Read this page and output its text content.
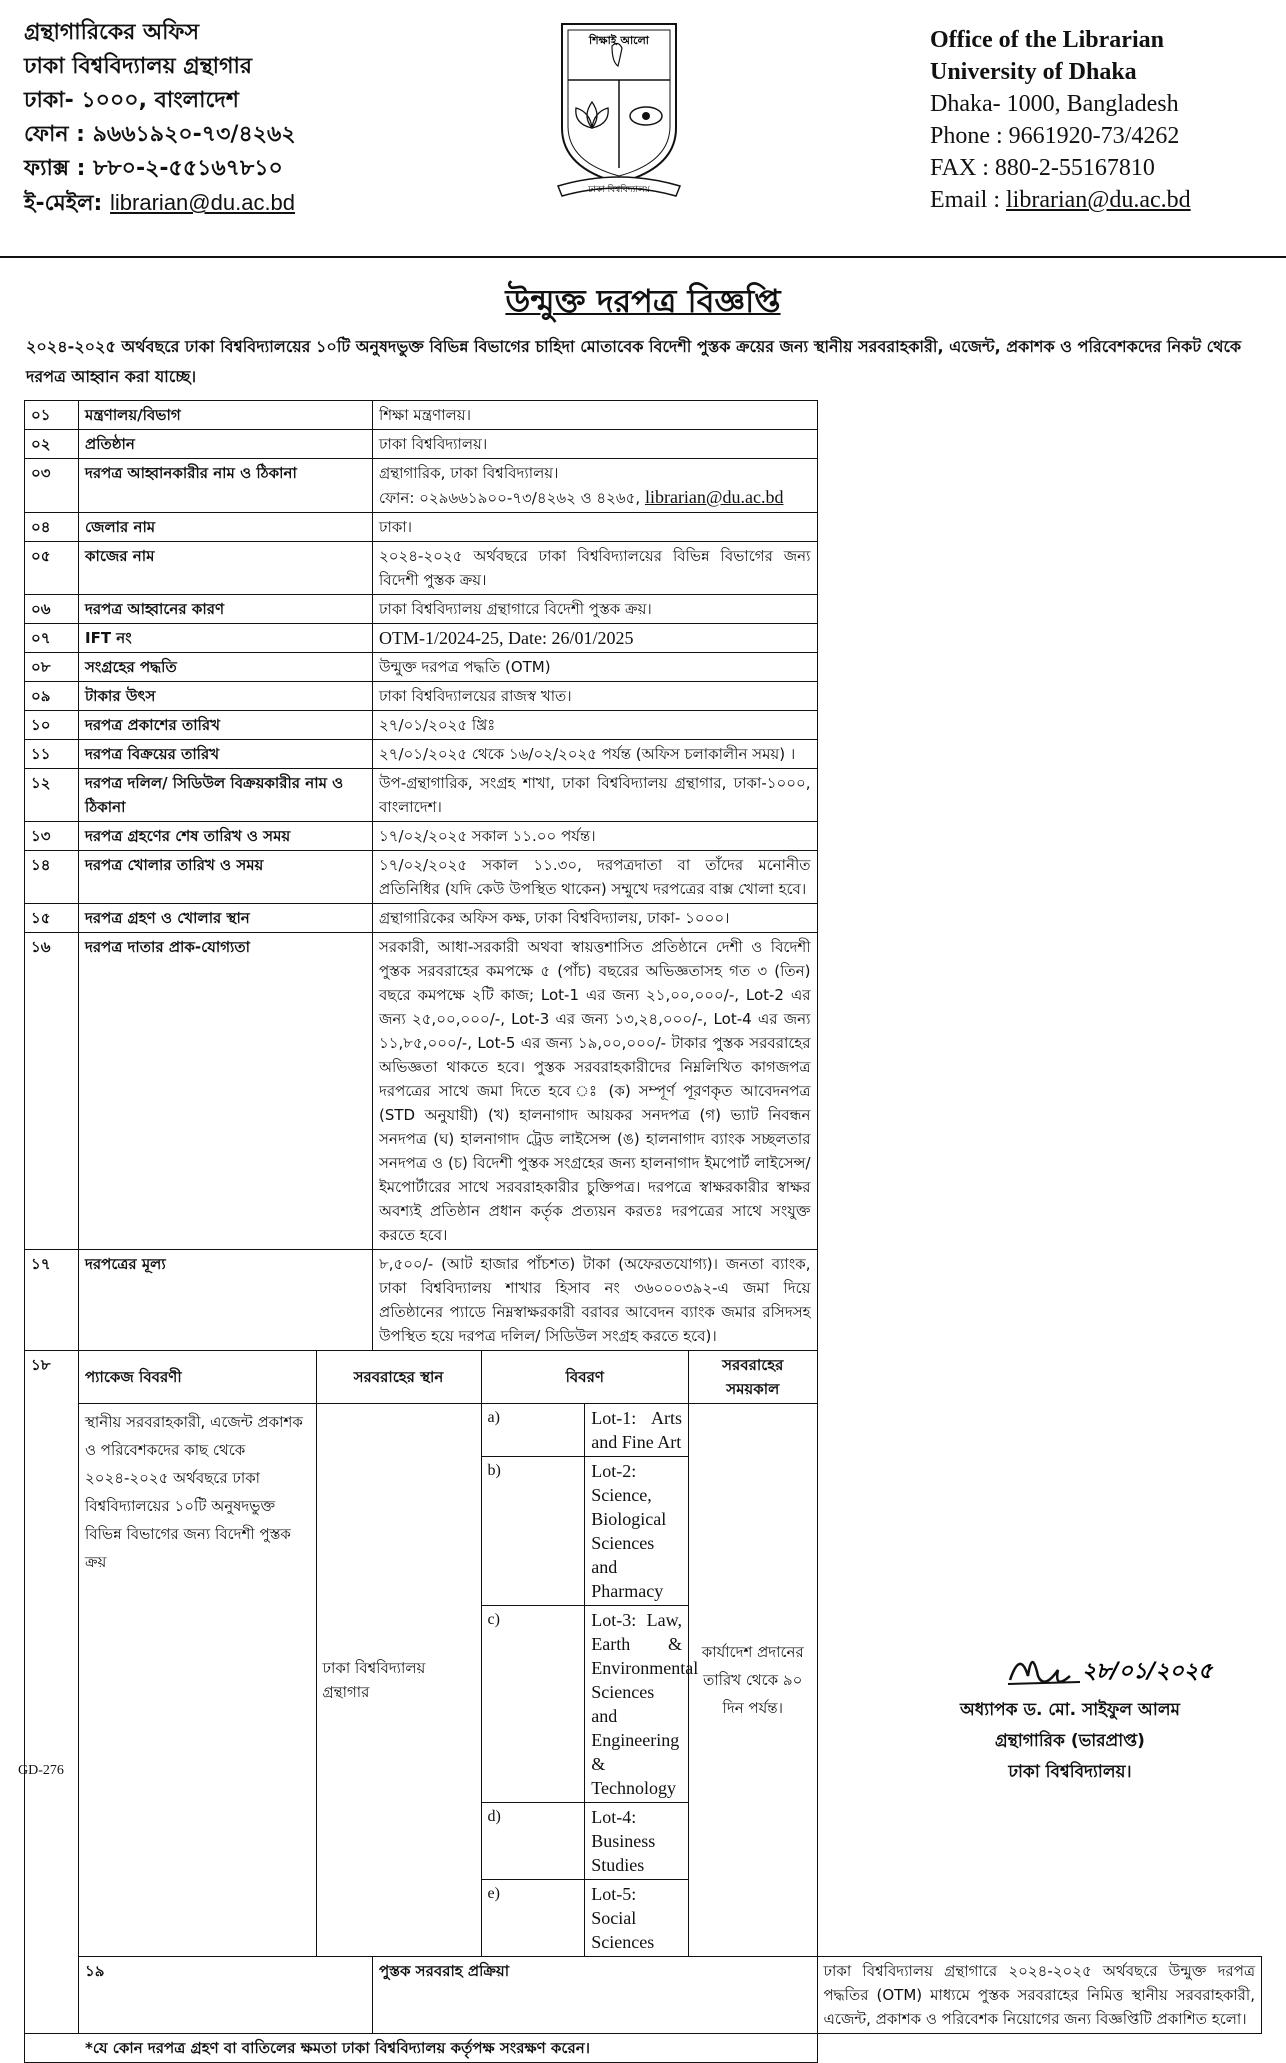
গ্রন্থাগারিকের অফিস
ঢাকা বিশ্ববিদ্যালয় গ্রন্থাগার
ঢাকা- ১০০০, বাংলাদেশ
ফোন : ৯৬৬১৯২০-৭৩/৪২৬২
ফ্যাক্স : ৮৮০-২-৫৫১৬৭৮১০
ই-মেইল: librarian@du.ac.bd
শিক্ষাই আলো
ঢাকা বিশ্ববিদ্যালয়
Office of the Librarian
University of Dhaka
Dhaka- 1000, Bangladesh
Phone : 9661920-73/4262
FAX : 880-2-55167810
Email : librarian@du.ac.bd
উন্মুক্ত দরপত্র বিজ্ঞপ্তি
২০২৪-২০২৫ অর্থবছরে ঢাকা বিশ্ববিদ্যালয়ের ১০টি অনুষদভুক্ত বিভিন্ন বিভাগের চাহিদা মোতাবেক বিদেশী পুস্তক ক্রয়ের জন্য স্থানীয় সরবরাহকারী, এজেন্ট, প্রকাশক ও পরিবেশকদের নিকট থেকে দরপত্র আহ্বান করা যাচ্ছে।
০১	মন্ত্রণালয়/বিভাগ	শিক্ষা মন্ত্রণালয়।

০২	প্রতিষ্ঠান	ঢাকা বিশ্ববিদ্যালয়।

০৩	দরপত্র আহ্বানকারীর নাম ও ঠিকানা	গ্রন্থাগারিক, ঢাকা বিশ্ববিদ্যালয়।
ফোন: ০২৯৬৬১৯০০-৭৩/৪২৬২ ও ৪২৬৫, librarian@du.ac.bd

০৪	জেলার নাম	ঢাকা।

০৫	কাজের নাম	২০২৪-২০২৫ অর্থবছরে ঢাকা বিশ্ববিদ্যালয়ের বিভিন্ন বিভাগের জন্য বিদেশী পুস্তক ক্রয়।

০৬	দরপত্র আহ্বানের কারণ	ঢাকা বিশ্ববিদ্যালয় গ্রন্থাগারে বিদেশী পুস্তক ক্রয়।

০৭	IFT নং	OTM-1/2024-25, Date: 26/01/2025

০৮	সংগ্রহের পদ্ধতি	উন্মুক্ত দরপত্র পদ্ধতি (OTM)

০৯	টাকার উৎস	ঢাকা বিশ্ববিদ্যালয়ের রাজস্ব খাত।

১০	দরপত্র প্রকাশের তারিখ	২৭/০১/২০২৫ খ্রিঃ

১১	দরপত্র বিক্রয়ের তারিখ	২৭/০১/২০২৫ থেকে ১৬/০২/২০২৫ পর্যন্ত (অফিস চলাকালীন সময়) ।

১২	দরপত্র দলিল/ সিডিউল বিক্রয়কারীর নাম ও ঠিকানা	
উপ-গ্রন্থাগারিক, সংগ্রহ শাখা, ঢাকা বিশ্ববিদ্যালয় গ্রন্থাগার, ঢাকা-১০০০, বাংলাদেশ।

১৩	দরপত্র গ্রহণের শেষ তারিখ ও সময়	১৭/০২/২০২৫ সকাল ১১.০০ পর্যন্ত।

১৪	দরপত্র খোলার তারিখ ও সময়	১৭/০২/২০২৫ সকাল ১১.৩০, দরপত্রদাতা বা তাঁদের মনোনীত প্রতিনিধির (যদি কেউ উপস্থিত থাকেন) সম্মুখে দরপত্রের বাক্স খোলা হবে।

১৫	দরপত্র গ্রহণ ও খোলার স্থান	গ্রন্থাগারিকের অফিস কক্ষ, ঢাকা বিশ্ববিদ্যালয়, ঢাকা- ১০০০।

১৬	দরপত্র দাতার প্রাক-যোগ্যতা	সরকারী, আধা-সরকারী অথবা স্বায়ত্তশাসিত প্রতিষ্ঠানে দেশী ও বিদেশী পুস্তক সরবরাহের কমপক্ষে ৫ (পাঁচ) বছরের অভিজ্ঞতাসহ গত ৩ (তিন) বছরে কমপক্ষে ২টি কাজ; Lot-1 এর জন্য ২১,০০,০০০/-, Lot-2 এর জন্য ২৫,০০,০০০/-, Lot-3 এর জন্য ১৩,২৪,০০০/-, Lot-4 এর জন্য ১১,৮৫,০০০/-, Lot-5 এর জন্য ১৯,০০,০০০/- টাকার পুস্তক সরবরাহের অভিজ্ঞতা থাকতে হবে। পুস্তক সরবরাহকারীদের নিম্নলিখিত কাগজপত্র দরপত্রের সাথে জমা দিতে হবে ঃ (ক) সম্পূর্ণ পূরণকৃত আবেদনপত্র (STD অনুযায়ী) (খ) হালনাগাদ আয়কর সনদপত্র (গ) ভ্যাট নিবন্ধন সনদপত্র (ঘ) হালনাগাদ ট্রেড লাইসেন্স (ঙ) হালনাগাদ ব্যাংক সচ্ছলতার সনদপত্র ও (চ) বিদেশী পুস্তক সংগ্রহের জন্য হালনাগাদ ইমপোর্ট লাইসেন্স/ইমপোর্টারের সাথে সরবরাহকারীর চুক্তিপত্র। দরপত্রে স্বাক্ষরকারীর স্বাক্ষর অবশ্যই প্রতিষ্ঠান প্রধান কর্তৃক প্রত্যয়ন করতঃ দরপত্রের সাথে সংযুক্ত করতে হবে।

১৭	দরপত্রের মূল্য	৮,৫০০/- (আট হাজার পাঁচশত) টাকা (অফেরতযোগ্য)। জনতা ব্যাংক, ঢাকা বিশ্ববিদ্যালয় শাখার হিসাব নং ৩৬০০০৩৯২-এ জমা দিয়ে প্রতিষ্ঠানের প্যাডে নিম্নস্বাক্ষরকারী বরাবর আবেদন ব্যাংক জমার রসিদসহ উপস্থিত হয়ে দরপত্র দলিল/ সিডিউল সংগ্রহ করতে হবে)।

১৮	
প্যাকেজ বিবরণী	সরবরাহের স্থান	বিবরণ	সরবরাহের সময়কাল
স্থানীয় সরবরাহকারী, এজেন্ট প্রকাশক ও পরিবেশকদের কাছ থেকে ২০২৪-২০২৫ অর্থবছরে ঢাকা বিশ্ববিদ্যালয়ের ১০টি অনুষদভুক্ত বিভিন্ন বিভাগের জন্য বিদেশী পুস্তক ক্রয়	ঢাকা বিশ্ববিদ্যালয় গ্রন্থাগার	a)	Lot-1: Arts and Fine Art	কার্যাদেশ প্রদানের তারিখ থেকে ৯০ দিন পর্যন্ত।
b)	Lot-2: Science, Biological Sciences and Pharmacy
c)	Lot-3: Law, Earth & Environmental Sciences and Engineering & Technology
d)	Lot-4: Business Studies
e)	Lot-5: Social Sciences

১৯	পুস্তক সরবরাহ প্রক্রিয়া	ঢাকা বিশ্ববিদ্যালয় গ্রন্থাগারে ২০২৪-২০২৫ অর্থবছরে উন্মুক্ত দরপত্র পদ্ধতির (OTM) মাধ্যমে পুস্তক সরবরাহের নিমিত্ত স্থানীয় সরবরাহকারী, এজেন্ট, প্রকাশক ও পরিবেশক নিয়োগের জন্য বিজ্ঞপ্তিটি প্রকাশিত হলো।
*যে কোন দরপত্র গ্রহণ বা বাতিলের ক্ষমতা ঢাকা বিশ্ববিদ্যালয় কর্তৃপক্ষ সংরক্ষণ করেন।
২৮/০১/২০২৫
অধ্যাপক ড. মো. সাইফুল আলম
গ্রন্থাগারিক (ভারপ্রাপ্ত)
ঢাকা বিশ্ববিদ্যালয়।
GD-276
